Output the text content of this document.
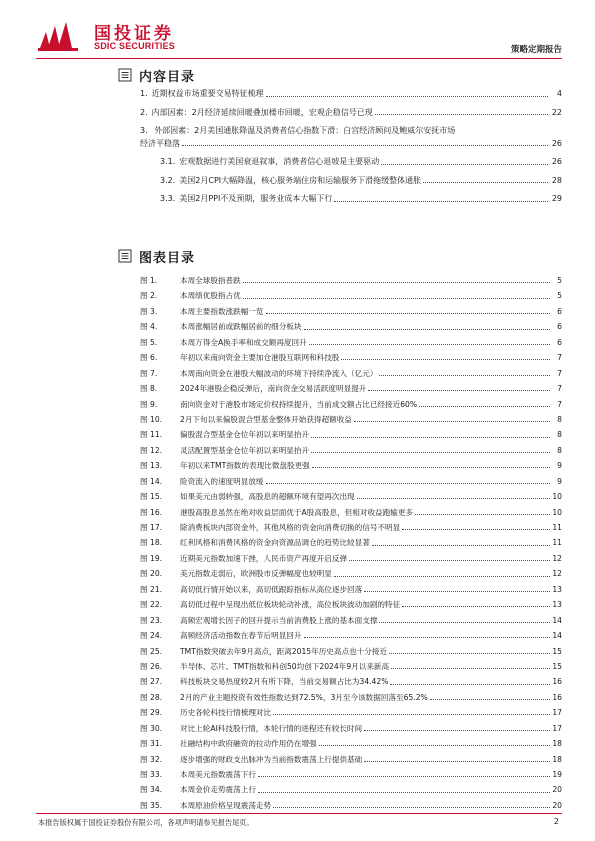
国投证券
SDIC SECURITIES	策略定期报告
内容目录
1. 近期权益市场重要交易特征梳理	4
2. 内部因素：2月经济延续回暖叠加楼市回暖，宏观企稳信号已现	22
3. 外部因素：2月美国通胀降温及消费者信心指数下滑：白宫经济顾问及鲍威尔安抚市场
经济平稳落	26
3.1. 宏观数据进行美国衰退叙事，消费者信心退坡是主要驱动	26
3.2. 美国2月CPI大幅降温，核心服务端住房和运输服务下滑拖缓整体通胀	28
3.3. 美国2月PPI不及预期，服务业成本大幅下行	29
图表目录
图 1.	本周全球股指普跌	5
图 2.	本周绩优股指占优	5
图 3.	本周主要指数涨跌幅一览	6
图 4.	本周涨幅居前或跌幅居前的细分板块	6
图 5.	本周万得全A换手率和成交额再度回升	6
图 6.	年初以来南向资金主要加仓港股互联网和科技股	7
图 7.	本周南向资金在港股大幅波动的环境下持续净流入（亿元）	7
图 8.	2024年港股企稳反弹后，南向资金交易活跃度明显提升	7
图 9.	南向资金对于港股市场定价权持续提升，当前成交额占比已经接近60%	7
图 10.	2月下旬以来偏股混合型基金整体开始获得超额收益	8
图 11.	偏股混合型基金仓位年初以来明显抬升	8
图 12.	灵活配置型基金仓位年初以来明显抬升	8
图 13.	年初以来TMT指数的表现比微盘股更强	9
图 14.	险资流入的速度明显放缓	9
图 15.	如果美元由弱转强，高股息的超额环境有望再次出现	10
图 16.	港股高股息虽然在绝对收益层面优于A股高股息，但相对收益跑输更多	10
图 17.	除消费板块内部资金外，其他风格的资金向消费切换的信号不明显	11
图 18.	红利风格和消费风格的资金向资源品调仓的趋势比较显著	11
图 19.	近期美元指数加速下挫，人民币资产再度开启反弹	12
图 20.	美元指数走弱后，欧洲股市反弹幅度也较明显	12
图 21.	高切低行情开始以来，高切低跟踪指标从高位逐步回落	13
图 22.	高切低过程中呈现出低位板块轮动补涨，高位板块波动加剧的特征	13
图 23.	高频宏观增长因子的回升提示当前消费股上涨的基本面支撑	14
图 24.	高频经济活动指数在春节后明显回升	14
图 25.	TMT指数突破去年9月高点，距离2015年历史高点也十分接近	15
图 26.	半导体、芯片、TMT指数和科创50均创下2024年9月以来新高	15
图 27.	科技板块交易热度较2月有所下降，当前交易额占比为34.42%	16
图 28.	2月的产业主题投资有效性指数达到72.5%，3月至今该数据回落至65.2%	16
图 29.	历史各轮科技行情梳理对比	17
图 30.	对比上轮AI科技股行情，本轮行情的进程还有较长时间	17
图 31.	社融结构中政府融资的拉动作用仍在增强	18
图 32.	逐步增强的财政支出脉冲为当前指数震荡上行提供基础	18
图 33.	本周美元指数震荡下行	19
图 34.	本周金价走势震荡上行	20
图 35.	本周原油价格呈现震荡走势	20
本报告版权属于国投证券股份有限公司，各项声明请参见报告尾页。	2
